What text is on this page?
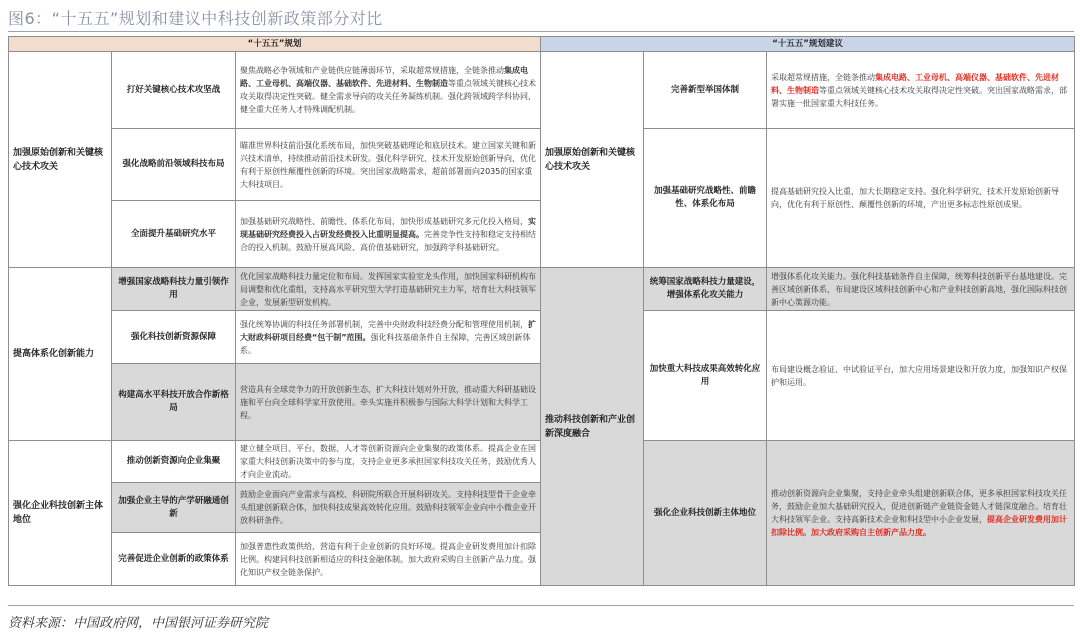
图6：“十五五”规划和建议中科技创新政策部分对比
“十五五”规划			“十五五”规划建议		
加强原始创新和关键核心技术攻关	打好关键核心技术攻坚战	聚焦战略必争领域和产业链供应链薄弱环节，采取超常规措施，全链条推动集成电路、工业母机、高端仪器、基础软件、先进材料、生物制造等重点领域关键核心技术攻关取得决定性突破。健全需求导向的攻关任务凝练机制。强化跨领域跨学科协同，健全重大任务人才特殊调配机制。	加强原始创新和关键核心技术攻关	完善新型举国体制	采取超常规措施，全链条推动集成电路、工业母机、高端仪器、基础软件、先进材料、生物制造等重点领域关键核心技术攻关取得决定性突破。突出国家战略需求，部署实施一批国家重大科技任务。
	强化战略前沿领域科技布局	瞄准世界科技前沿强化系统布局，加快突破基础理论和底层技术。建立国家关键和新兴技术清单，持续推动前沿技术研发。强化科学研究、技术开发原始创新导向，优化有利于原创性颠覆性创新的环境。突出国家战略需求，超前部署面向2035的国家重大科技项目。		加强基础研究战略性、前瞻性、体系化布局	提高基础研究投入比重，加大长期稳定支持。强化科学研究、技术开发原始创新导向，优化有利于原创性、颠覆性创新的环境，产出更多标志性原创成果。
	全面提升基础研究水平	加强基础研究战略性、前瞻性、体系化布局，加快形成基础研究多元化投入格局，实现基础研究经费投入占研发经费投入比重明显提高。完善竞争性支持和稳定支持相结合的投入机制。鼓励开展高风险、高价值基础研究，加强跨学科基础研究。			
提高体系化创新能力	增强国家战略科技力量引领作用	优化国家战略科技力量定位和布局。发挥国家实验室龙头作用，加快国家科研机构布局调整和优化重组，支持高水平研究型大学打造基础研究主力军，培育壮大科技领军企业，发展新型研发机构。	推动科技创新和产业创新深度融合	统筹国家战略科技力量建设，增强体系化攻关能力	增强体系化攻关能力。强化科技基础条件自主保障，统筹科技创新平台基地建设。完善区域创新体系，布局建设区域科技创新中心和产业科技创新高地，强化国际科技创新中心策源功能。
	强化科技创新资源保障	强化统筹协调的科技任务部署机制，完善中央财政科技经费分配和管理使用机制，扩大财政科研项目经费“包干制”范围。强化科技基础条件自主保障，完善区域创新体系。		加快重大科技成果高效转化应用	布局建设概念验证、中试验证平台，加大应用场景建设和开放力度，加强知识产权保护和运用。
	构建高水平科技开放合作新格局	营造具有全球竞争力的开放创新生态，扩大科技计划对外开放，推动重大科研基础设施和平台向全球科学家开放使用。牵头实施并积极参与国际大科学计划和大科学工程。			
强化企业科技创新主体地位	推动创新资源向企业集聚	建立健全项目、平台、数据、人才等创新资源向企业集聚的政策体系。提高企业在国家重大科技创新决策中的参与度，支持企业更多承担国家科技攻关任务，鼓励优秀人才向企业流动。		强化企业科技创新主体地位	推动创新资源向企业集聚，支持企业牵头组建创新联合体，更多承担国家科技攻关任务，鼓励企业加大基础研究投入，促进创新链产业链资金链人才链深度融合。培育壮大科技领军企业。支持高新技术企业和科技型中小企业发展，提高企业研发费用加计扣除比例。加大政府采购自主创新产品力度。
	加强企业主导的产学研融通创新	鼓励企业面向产业需求与高校、科研院所联合开展科研攻关。支持科技型骨干企业牵头组建创新联合体，加快科技成果高效转化应用。鼓励科技领军企业向中小微企业开放科研条件。			
	完善促进企业创新的政策体系	加强普惠性政策供给，营造有利于企业创新的良好环境。提高企业研发费用加计扣除比例。构建同科技创新相适应的科技金融体制。加大政府采购自主创新产品力度。强化知识产权全链条保护。			
资料来源：中国政府网，中国银河证券研究院
